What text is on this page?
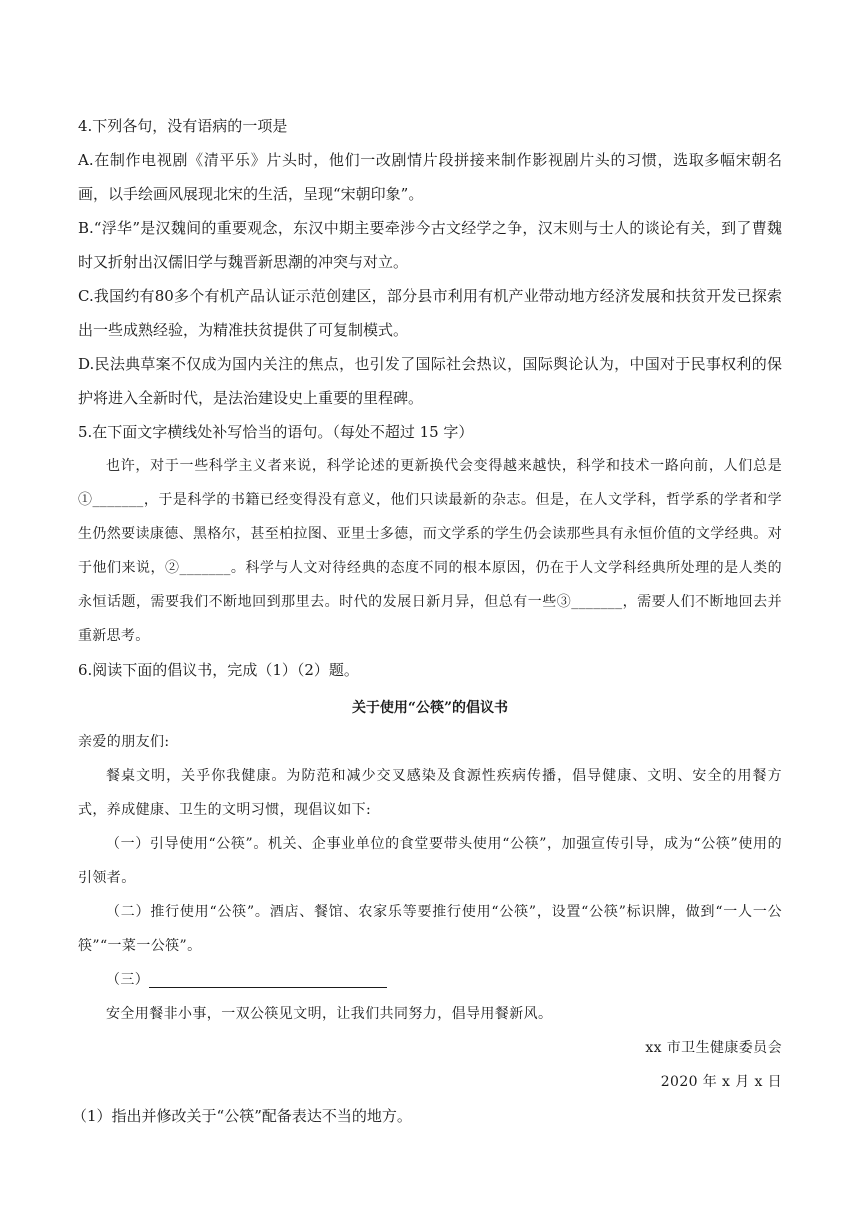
4.下列各句，没有语病的一项是

A.在制作电视剧《清平乐》片头时，他们一改剧情片段拼接来制作影视剧片头的习惯，选取多幅宋朝名画，以手绘画风展现北宋的生活，呈现“宋朝印象”。

B.“浮华”是汉魏间的重要观念，东汉中期主要牵涉今古文经学之争，汉末则与士人的谈论有关，到了曹魏时又折射出汉儒旧学与魏晋新思潮的冲突与对立。

C.我国约有80多个有机产品认证示范创建区，部分县市利用有机产业带动地方经济发展和扶贫开发已探索出一些成熟经验，为精准扶贫提供了可复制模式。

D.民法典草案不仅成为国内关注的焦点，也引发了国际社会热议，国际舆论认为，中国对于民事权利的保护将进入全新时代，是法治建设史上重要的里程碑。

5.在下面文字横线处补写恰当的语句。（每处不超过 15 字）

也许，对于一些科学主义者来说，科学论述的更新换代会变得越来越快，科学和技术一路向前，人们总是①_______，于是科学的书籍已经变得没有意义，他们只读最新的杂志。但是，在人文学科，哲学系的学者和学生仍然要读康德、黑格尔，甚至柏拉图、亚里士多德，而文学系的学生仍会读那些具有永恒价值的文学经典。对于他们来说，②_______。科学与人文对待经典的态度不同的根本原因，仍在于人文学科经典所处理的是人类的永恒话题，需要我们不断地回到那里去。时代的发展日新月异，但总有一些③_______，需要人们不断地回去并重新思考。

6.阅读下面的倡议书，完成（1）（2）题。

关于使用“公筷”的倡议书

亲爱的朋友们:

餐桌文明，关乎你我健康。为防范和减少交叉感染及食源性疾病传播，倡导健康、文明、安全的用餐方式，养成健康、卫生的文明习惯，现倡议如下:

（一）引导使用“公筷”。机关、企事业单位的食堂要带头使用“公筷”，加强宣传引导，成为“公筷”使用的引领者。

（二）推行使用“公筷”。酒店、餐馆、农家乐等要推行使用“公筷”，设置“公筷”标识牌，做到“一人一公筷”“一菜一公筷”。

（三）

安全用餐非小事，一双公筷见文明，让我们共同努力，倡导用餐新风。

xx 市卫生健康委员会

2020 年 x 月 x 日

（1）指出并修改关于“公筷”配备表达不当的地方。
